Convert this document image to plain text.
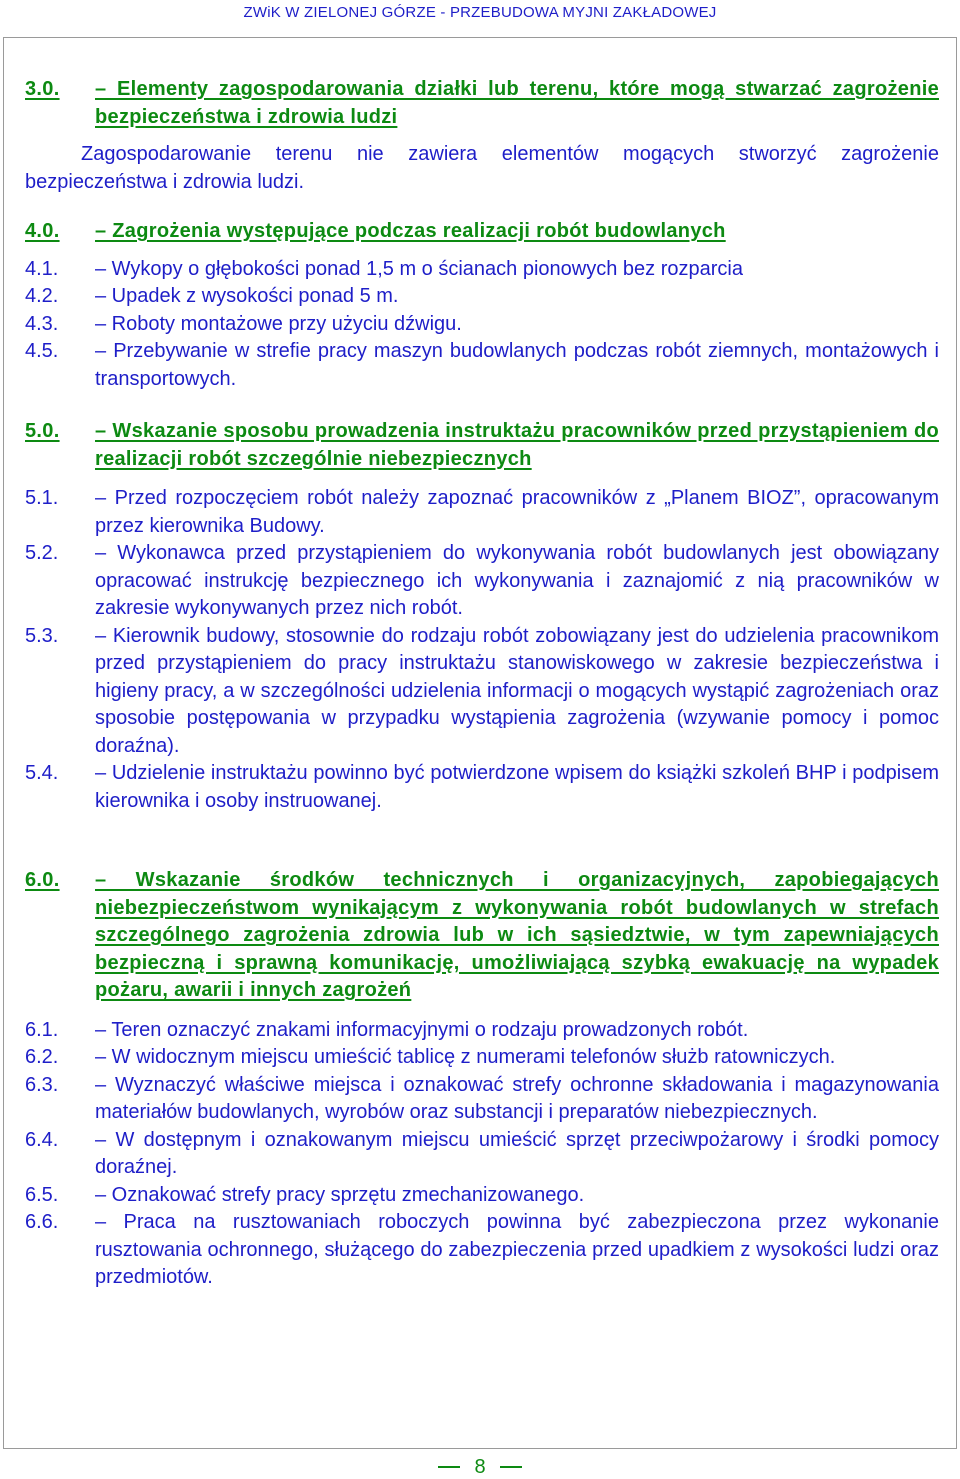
ZWiK W ZIELONEJ GÓRZE - PRZEBUDOWA MYJNI ZAKŁADOWEJ
3.0.	– Elementy zagospodarowania działki lub terenu, które mogą stwarzać zagrożenie bezpieczeństwa i zdrowia ludzi
Zagospodarowanie terenu nie zawiera elementów mogących stworzyć zagrożenie bezpieczeństwa i zdrowia ludzi.
4.0.	– Zagrożenia występujące podczas realizacji robót budowlanych
4.1.	– Wykopy o głębokości ponad 1,5 m o ścianach pionowych bez rozparcia
4.2.	– Upadek z wysokości ponad 5 m.
4.3.	– Roboty montażowe przy użyciu dźwigu.
4.5.	– Przebywanie w strefie pracy maszyn budowlanych podczas robót ziemnych, montażowych i transportowych.
5.0.	– Wskazanie sposobu prowadzenia instruktażu pracowników przed przystąpieniem do realizacji robót szczególnie niebezpiecznych
5.1.	– Przed rozpoczęciem robót należy zapoznać pracowników z „Planem BIOZ”, opracowanym przez kierownika Budowy.
5.2.	– Wykonawca przed przystąpieniem do wykonywania robót budowlanych jest obowiązany opracować instrukcję bezpiecznego ich wykonywania i zaznajomić z nią pracowników w zakresie wykonywanych przez nich robót.
5.3.	– Kierownik budowy, stosownie do rodzaju robót zobowiązany jest do udzielenia pracownikom przed przystąpieniem do pracy instruktażu stanowiskowego w zakresie bezpieczeństwa i higieny pracy, a w szczególności udzielenia informacji o mogących wystąpić zagrożeniach oraz sposobie postępowania w przypadku wystąpienia zagrożenia (wzywanie pomocy i pomoc doraźna).
5.4.	– Udzielenie instruktażu powinno być potwierdzone wpisem do książki szkoleń BHP i podpisem kierownika i osoby instruowanej.
6.0.	– Wskazanie środków technicznych i organizacyjnych, zapobiegających niebezpieczeństwom wynikającym z wykonywania robót budowlanych w strefach szczególnego zagrożenia zdrowia lub w ich sąsiedztwie, w tym zapewniających bezpieczną i sprawną komunikację, umożliwiającą szybką ewakuację na wypadek pożaru, awarii i innych zagrożeń
6.1.	– Teren oznaczyć znakami informacyjnymi o rodzaju prowadzonych robót.
6.2.	– W widocznym miejscu umieścić tablicę z numerami telefonów służb ratowniczych.
6.3.	– Wyznaczyć właściwe miejsca i oznakować strefy ochronne składowania i magazynowania materiałów budowlanych, wyrobów oraz substancji i preparatów niebezpiecznych.
6.4.	– W dostępnym i oznakowanym miejscu umieścić sprzęt przeciwpożarowy i środki pomocy doraźnej.
6.5.	– Oznakować strefy pracy sprzętu zmechanizowanego.
6.6.	– Praca na rusztowaniach roboczych powinna być zabezpieczona przez wykonanie rusztowania ochronnego, służącego do zabezpieczenia przed upadkiem z wysokości ludzi oraz przedmiotów.
8
